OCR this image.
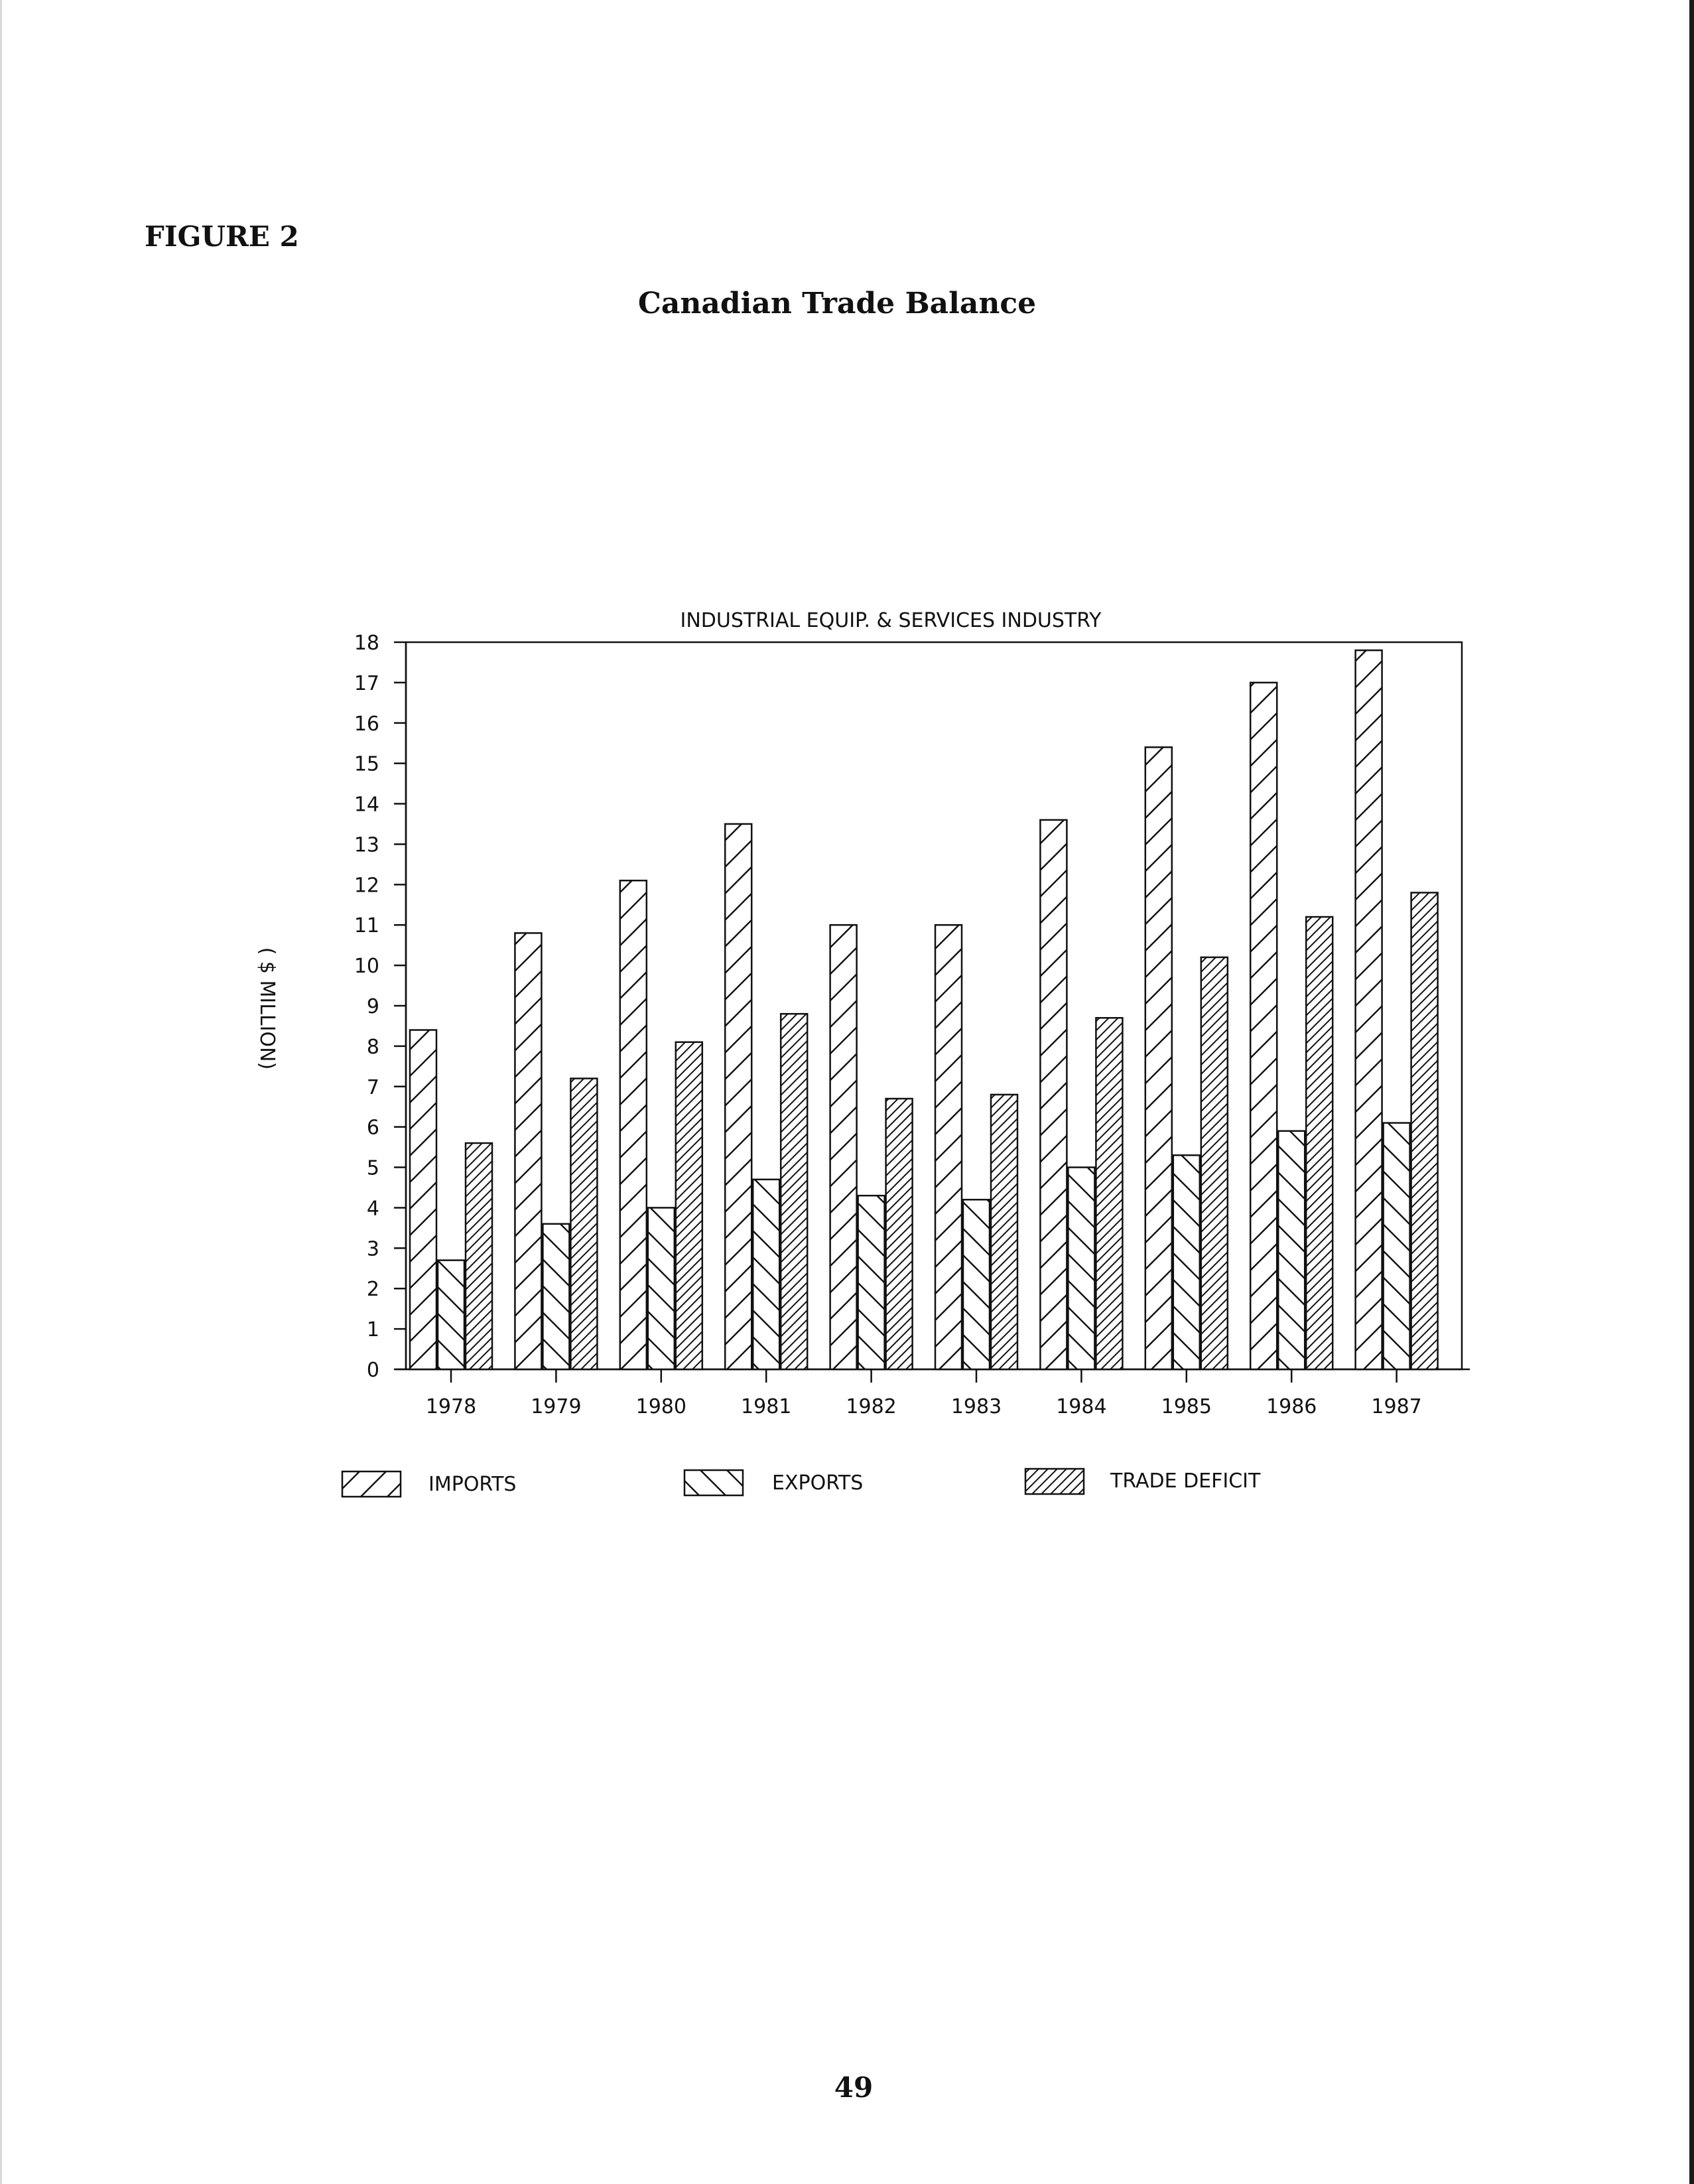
FIGURE 2
Canadian Trade Balance
INDUSTRIAL EQUIP. & SERVICES INDUSTRY
0
1
2
3
4
5
6
7
8
9
10
11
12
13
14
15
16
17
18
1978	1979	1980	1981	1982	1983	1984	1985	1986	1987
( $ MILLION)
IMPORTS	EXPORTS	TRADE DEFICIT
49
